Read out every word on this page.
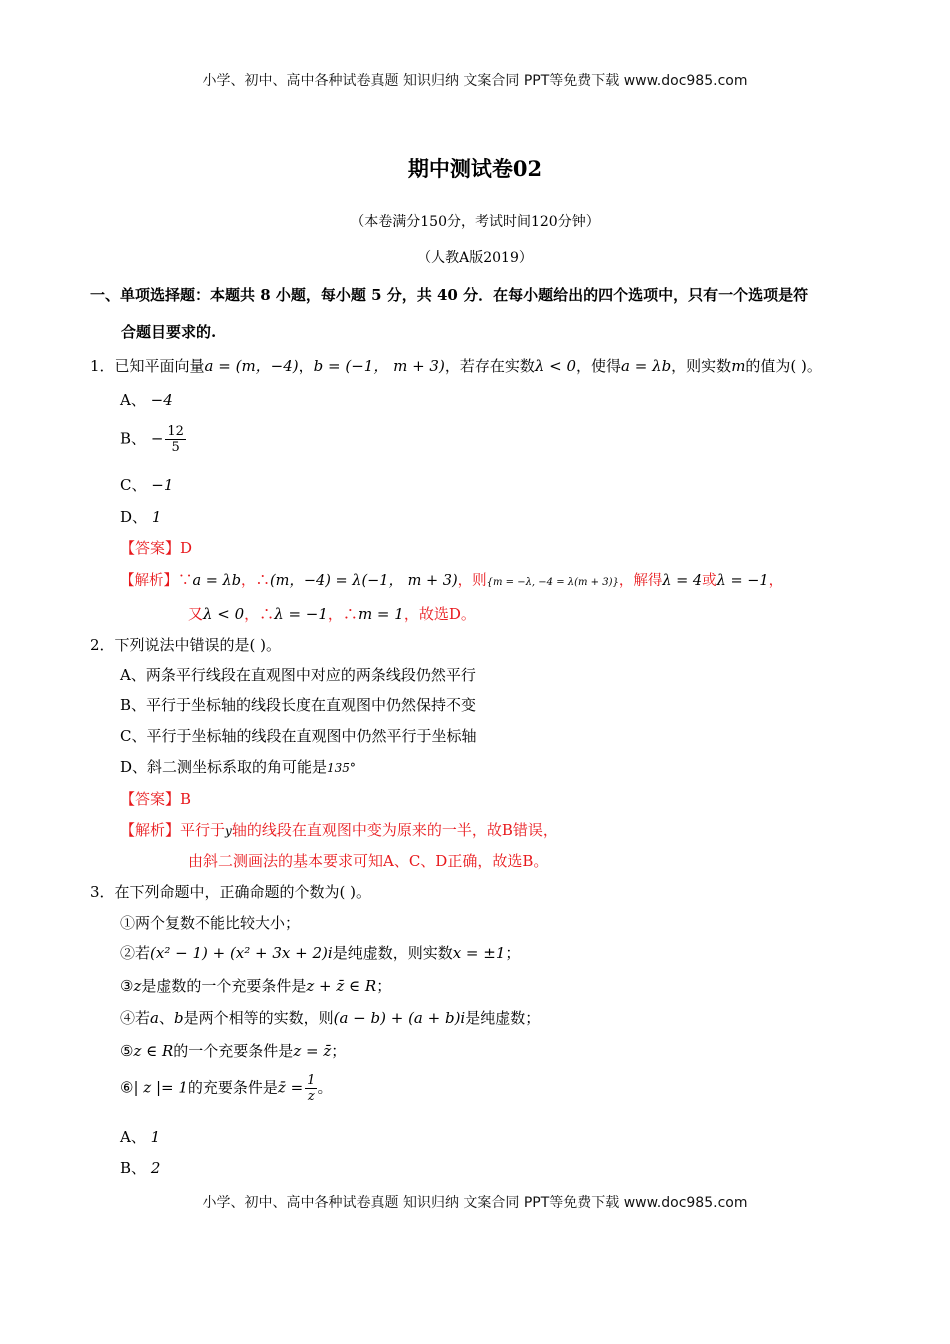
小学、初中、高中各种试卷真题 知识归纳 文案合同 PPT等免费下载 www.doc985.com
期中测试卷02
（本卷满分150分，考试时间120分钟）
（人教A版2019）
一、单项选择题：本题共 8 小题，每小题 5 分，共 40 分．在每小题给出的四个选项中，只有一个选项是符
合题目要求的.
1．已知平面向量a = (m，−4)，b = (−1， m + 3)，若存在实数λ < 0，使得a = λb，则实数m的值为( )。
A、 −4
B、 − $\frac{12}{5}$
C、 −1
D、 1
【答案】D
【解析】∵a = λb，∴(m，−4) = λ(−1， m + 3)，则{m = −λ, −4 = λ(m + 3)}，解得λ = 4或λ = −1，
又λ < 0，∴λ = −1，∴m = 1，故选D。
2．下列说法中错误的是( )。
A、两条平行线段在直观图中对应的两条线段仍然平行
B、平行于坐标轴的线段长度在直观图中仍然保持不变
C、平行于坐标轴的线段在直观图中仍然平行于坐标轴
D、斜二测坐标系取的角可能是135°
【答案】B
【解析】平行于y轴的线段在直观图中变为原来的一半，故B错误，
由斜二测画法的基本要求可知A、C、D正确，故选B。
3．在下列命题中，正确命题的个数为( )。
①两个复数不能比较大小；
②若(x² − 1) + (x² + 3x + 2)i是纯虚数，则实数x = ±1；
③z是虚数的一个充要条件是z + z̄ ∈ R；
④若a、b是两个相等的实数，则(a − b) + (a + b)i是纯虚数；
⑤z ∈ R的一个充要条件是z = z̄；
⑥| z |= 1的充要条件是z̄ = $\frac{1}{z}$ 。
A、 1
B、 2
小学、初中、高中各种试卷真题 知识归纳 文案合同 PPT等免费下载 www.doc985.com
